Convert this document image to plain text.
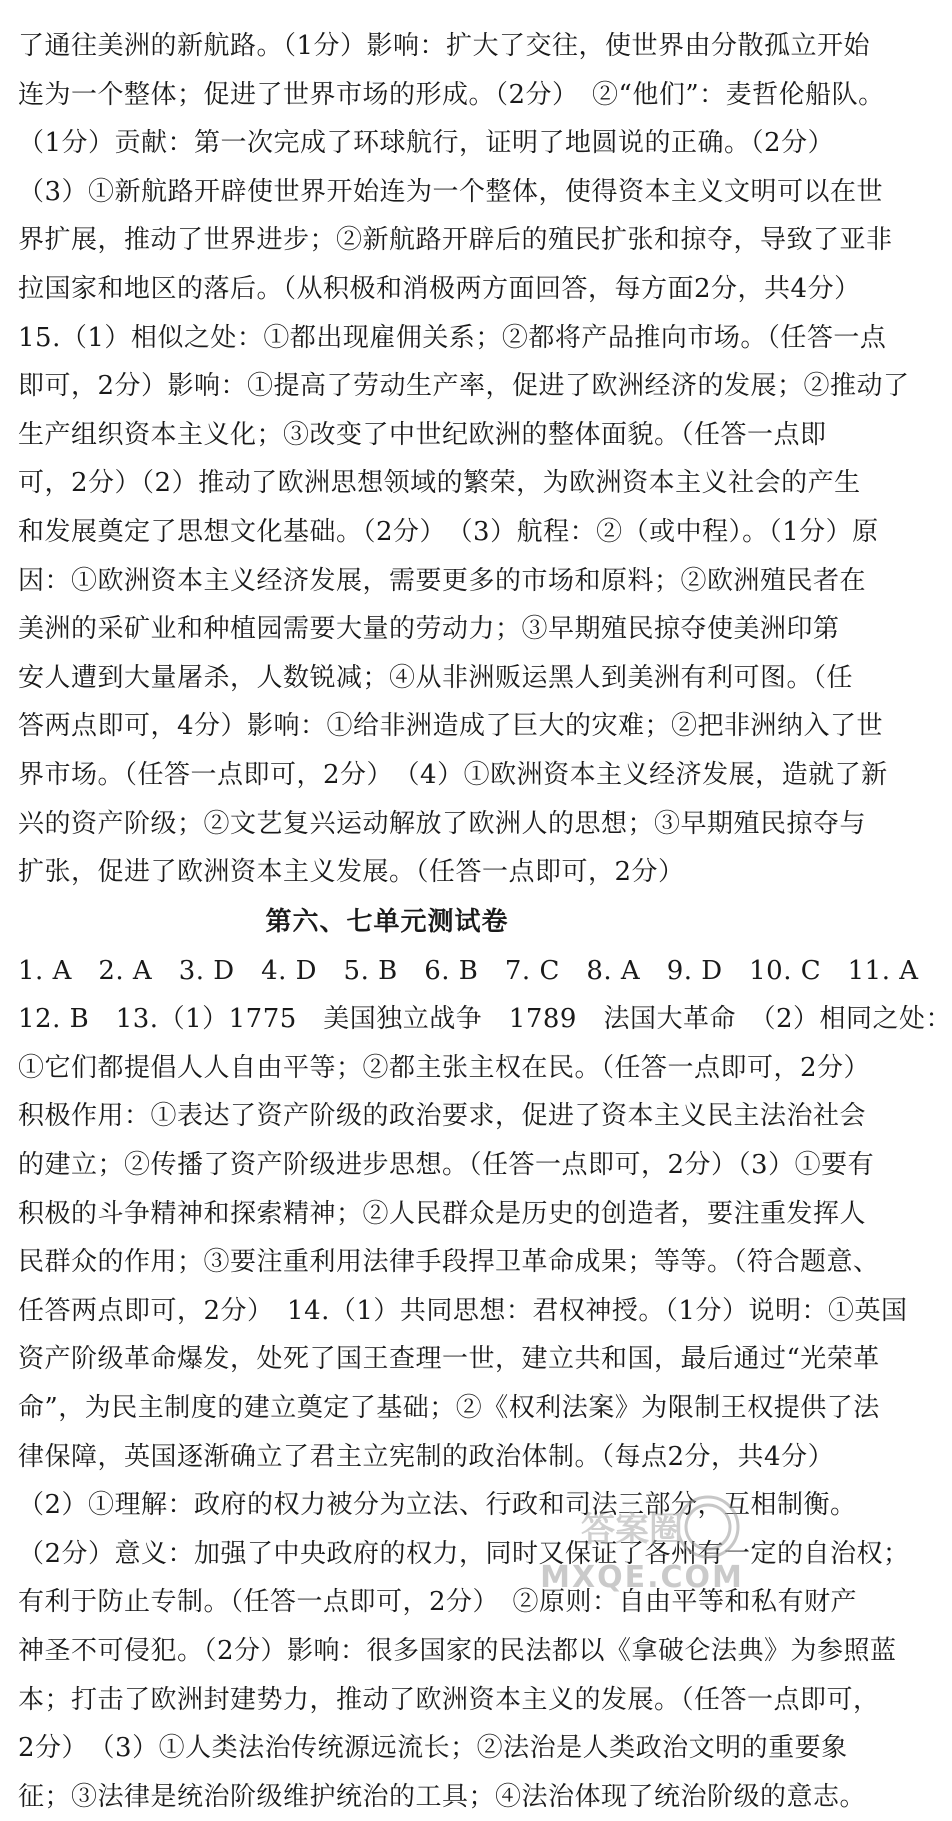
了通往美洲的新航路。（1分）影响：扩大了交往，使世界由分散孤立开始
连为一个整体；促进了世界市场的形成。（2分）　②“他们”：麦哲伦船队。
（1分）贡献：第一次完成了环球航行，证明了地圆说的正确。（2分）
（3）①新航路开辟使世界开始连为一个整体，使得资本主义文明可以在世
界扩展，推动了世界进步；②新航路开辟后的殖民扩张和掠夺，导致了亚非
拉国家和地区的落后。（从积极和消极两方面回答，每方面2分，共4分）
15.（1）相似之处：①都出现雇佣关系；②都将产品推向市场。（任答一点
即可，2分）影响：①提高了劳动生产率，促进了欧洲经济的发展；②推动了
生产组织资本主义化；③改变了中世纪欧洲的整体面貌。（任答一点即
可，2分）（2）推动了欧洲思想领域的繁荣，为欧洲资本主义社会的产生
和发展奠定了思想文化基础。（2分）　（3）航程：②（或中程）。（1分）原
因：①欧洲资本主义经济发展，需要更多的市场和原料；②欧洲殖民者在
美洲的采矿业和种植园需要大量的劳动力；③早期殖民掠夺使美洲印第
安人遭到大量屠杀，人数锐减；④从非洲贩运黑人到美洲有利可图。（任
答两点即可，4分）影响：①给非洲造成了巨大的灾难；②把非洲纳入了世
界市场。（任答一点即可，2分）　（4）①欧洲资本主义经济发展，造就了新
兴的资产阶级；②文艺复兴运动解放了欧洲人的思想；③早期殖民掠夺与
扩张，促进了欧洲资本主义发展。（任答一点即可，2分）
第六、七单元测试卷
1. A　2. A　3. D　4. D　5. B　6. B　7. C　8. A　9. D　10. C　11. A
12. B　13.（1）1775　美国独立战争　1789　法国大革命　（2）相同之处：
①它们都提倡人人自由平等；②都主张主权在民。（任答一点即可，2分）
积极作用：①表达了资产阶级的政治要求，促进了资本主义民主法治社会
的建立；②传播了资产阶级进步思想。（任答一点即可，2分）（3）①要有
积极的斗争精神和探索精神；②人民群众是历史的创造者，要注重发挥人
民群众的作用；③要注重利用法律手段捍卫革命成果；等等。（符合题意、
任答两点即可，2分）　14.（1）共同思想：君权神授。（1分）说明：①英国
资产阶级革命爆发，处死了国王查理一世，建立共和国，最后通过“光荣革
命”，为民主制度的建立奠定了基础；②《权利法案》为限制王权提供了法
律保障，英国逐渐确立了君主立宪制的政治体制。（每点2分，共4分）
（2）①理解：政府的权力被分为立法、行政和司法三部分，互相制衡。
（2分）意义：加强了中央政府的权力，同时又保证了各州有一定的自治权；
有利于防止专制。（任答一点即可，2分）　②原则：自由平等和私有财产
神圣不可侵犯。（2分）影响：很多国家的民法都以《拿破仑法典》为参照蓝
本；打击了欧洲封建势力，推动了欧洲资本主义的发展。（任答一点即可，
2分）　（3）①人类法治传统源远流长；②法治是人类政治文明的重要象
征；③法律是统治阶级维护统治的工具；④法治体现了统治阶级的意志。
答案圈
MXQE.COM
